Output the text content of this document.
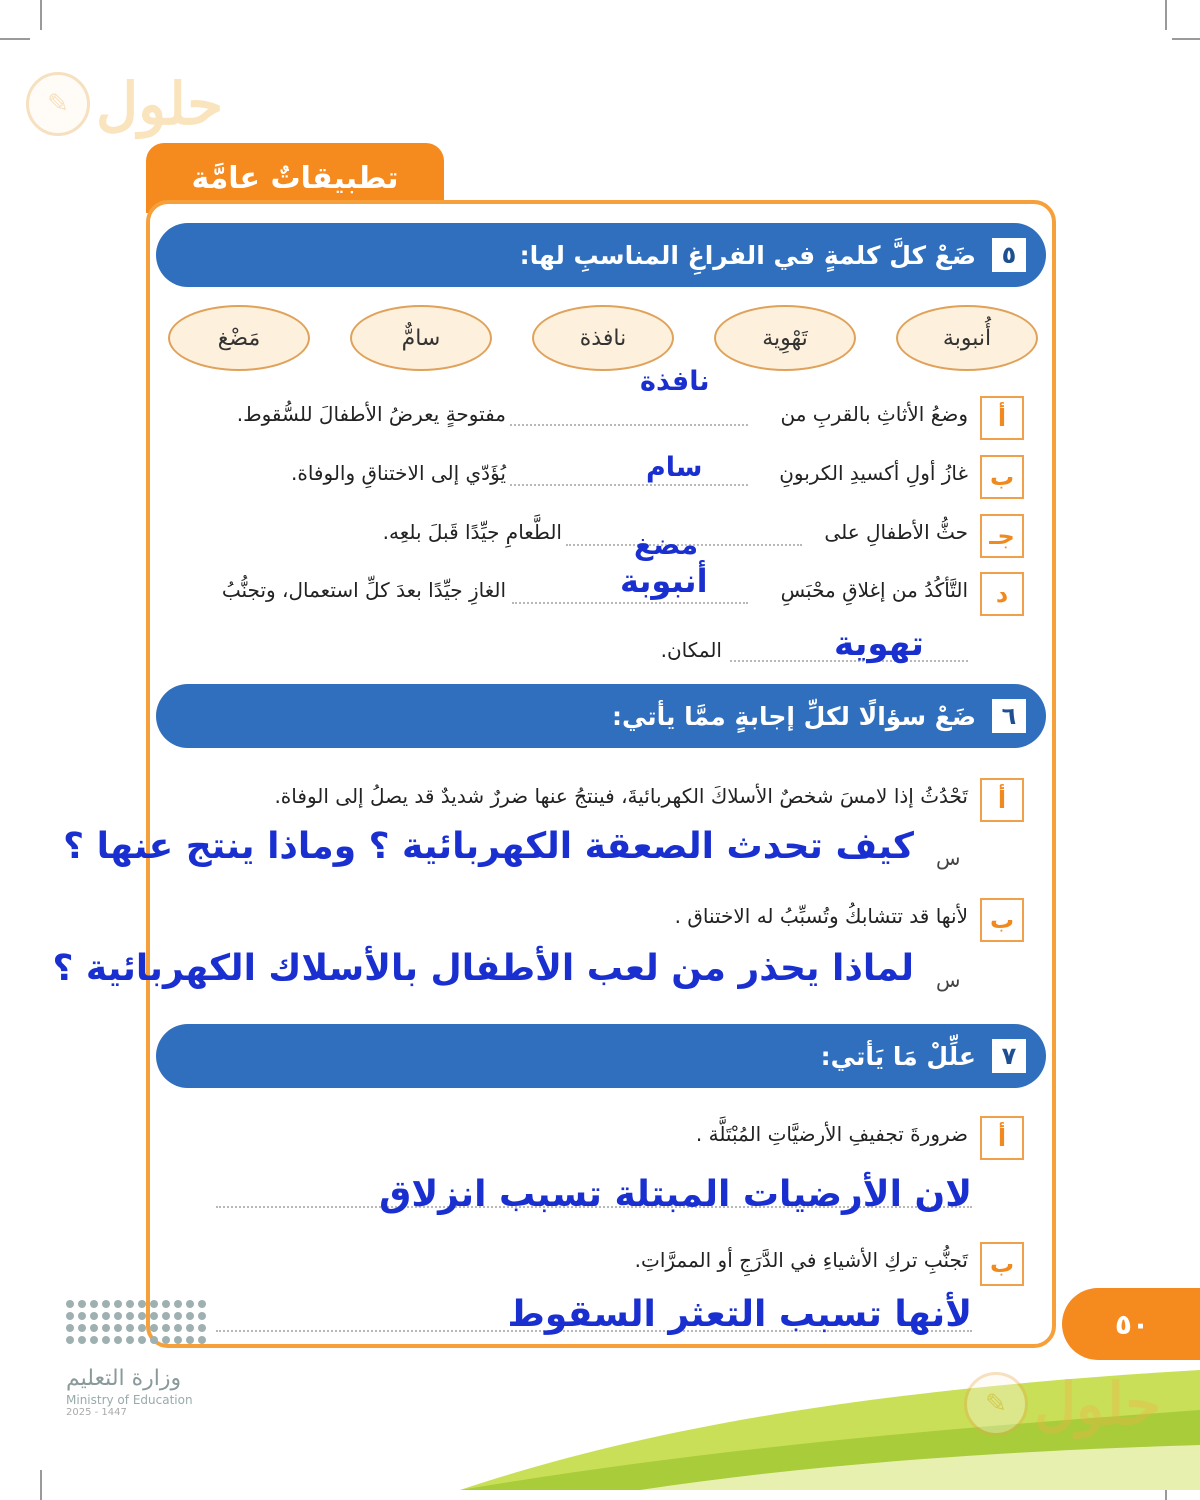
✎ حلول
✎ حلول
تطبيقاتٌ عامَّة
٥
ضَعْ كلَّ كلمةٍ في الفراغِ المناسبِ لها:
أُنبوبة
تَهْوِية
نافذة
سامٌّ
مَضْغ
أ
وضعُ الأثاثِ بالقربِ من
مفتوحةٍ يعرضُ الأطفالَ للسُّقوط.
نافذة
ب
غازُ أولِ أكسيدِ الكربونِ
يُؤَدّي إلى الاختناقِ والوفاة.	سام
جـ
حثُّ الأطفالِ على
الطَّعامِ جيِّدًا قَبلَ بلعِه.	مضغ
د
التَّأكُدُ من إغلاقِ محْبَسِ
الغازِ جيِّدًا بعدَ كلِّ استعمال، وتجنُّبُ	أنبوبة
المكان.	تهوية
٦
ضَعْ سؤالًا لكلِّ إجابةٍ ممَّا يأتي:
أ
تَحْدُثُ إذا لامسَ شخصٌ الأسلاكَ الكهربائيةَ، فينتجُ عنها ضررٌ شديدٌ قد يصلُ إلى الوفاة.
س
كيف تحدث الصعقة الكهربائية ؟ وماذا ينتج عنها ؟
ب
لأنها قد تتشابكُ وتُسبِّبُ له الاختناق .
س
لماذا يحذر من لعب الأطفال بالأسلاك الكهربائية ؟
٧
علِّلْ مَا يَأتي:
أ
ضرورةَ تجفيفِ الأرضيَّاتِ المُبْتَلَّة .
لان الأرضيات المبتلة تسبب انزلاق
ب
تَجنُّبِ تركِ الأشياءِ في الدَّرَجِ أو الممرَّاتِ.
لأنها تسبب التعثر السقوط	٥٠
وزارة التعليم
Ministry of Education
2025 - 1447
